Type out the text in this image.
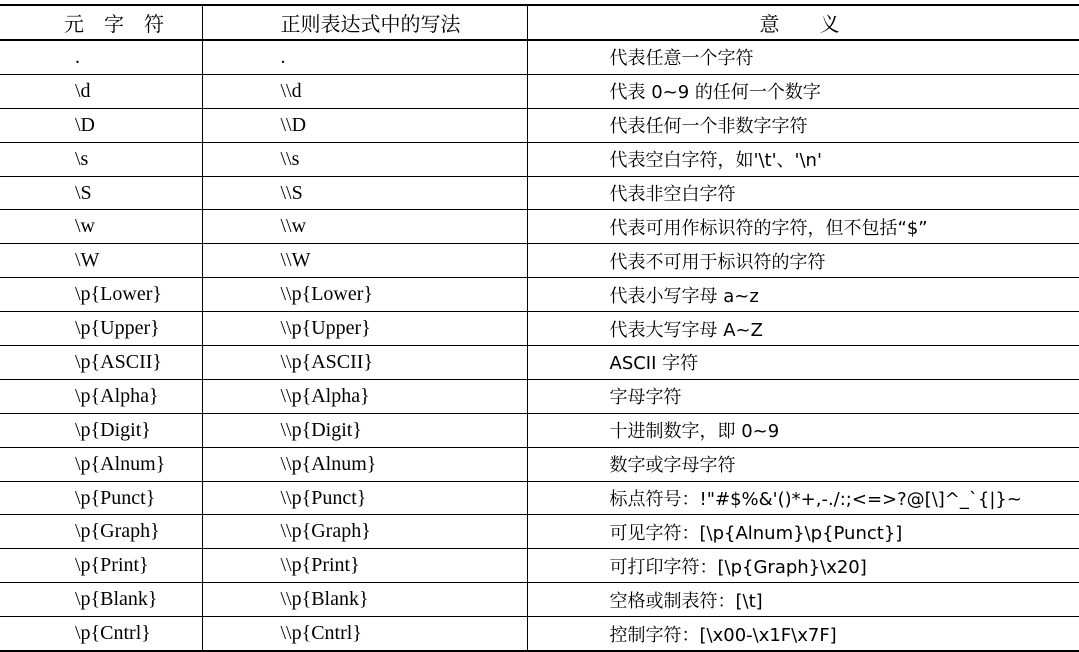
元　字　符	正则表达式中的写法	意　　义
.	.	代表任意一个字符
\d	\\d	代表 0~9 的任何一个数字
\D	\\D	代表任何一个非数字字符
\s	\\s	代表空白字符，如'\t'、'\n'
\S	\\S	代表非空白字符
\w	\\w	代表可用作标识符的字符，但不包括“$”
\W	\\W	代表不可用于标识符的字符
\p{Lower}	\\p{Lower}	代表小写字母 a~z
\p{Upper}	\\p{Upper}	代表大写字母 A~Z
\p{ASCII}	\\p{ASCII}	ASCII 字符
\p{Alpha}	\\p{Alpha}	字母字符
\p{Digit}	\\p{Digit}	十进制数字，即 0~9
\p{Alnum}	\\p{Alnum}	数字或字母字符
\p{Punct}	\\p{Punct}	标点符号：!"#$%&'()*+,-./:;<=>?@[\]^_`{|}~
\p{Graph}	\\p{Graph}	可见字符：[\p{Alnum}\p{Punct}]
\p{Print}	\\p{Print}	可打印字符：[\p{Graph}\x20]
\p{Blank}	\\p{Blank}	空格或制表符：[\t]
\p{Cntrl}	\\p{Cntrl}	控制字符：[\x00-\x1F\x7F]
